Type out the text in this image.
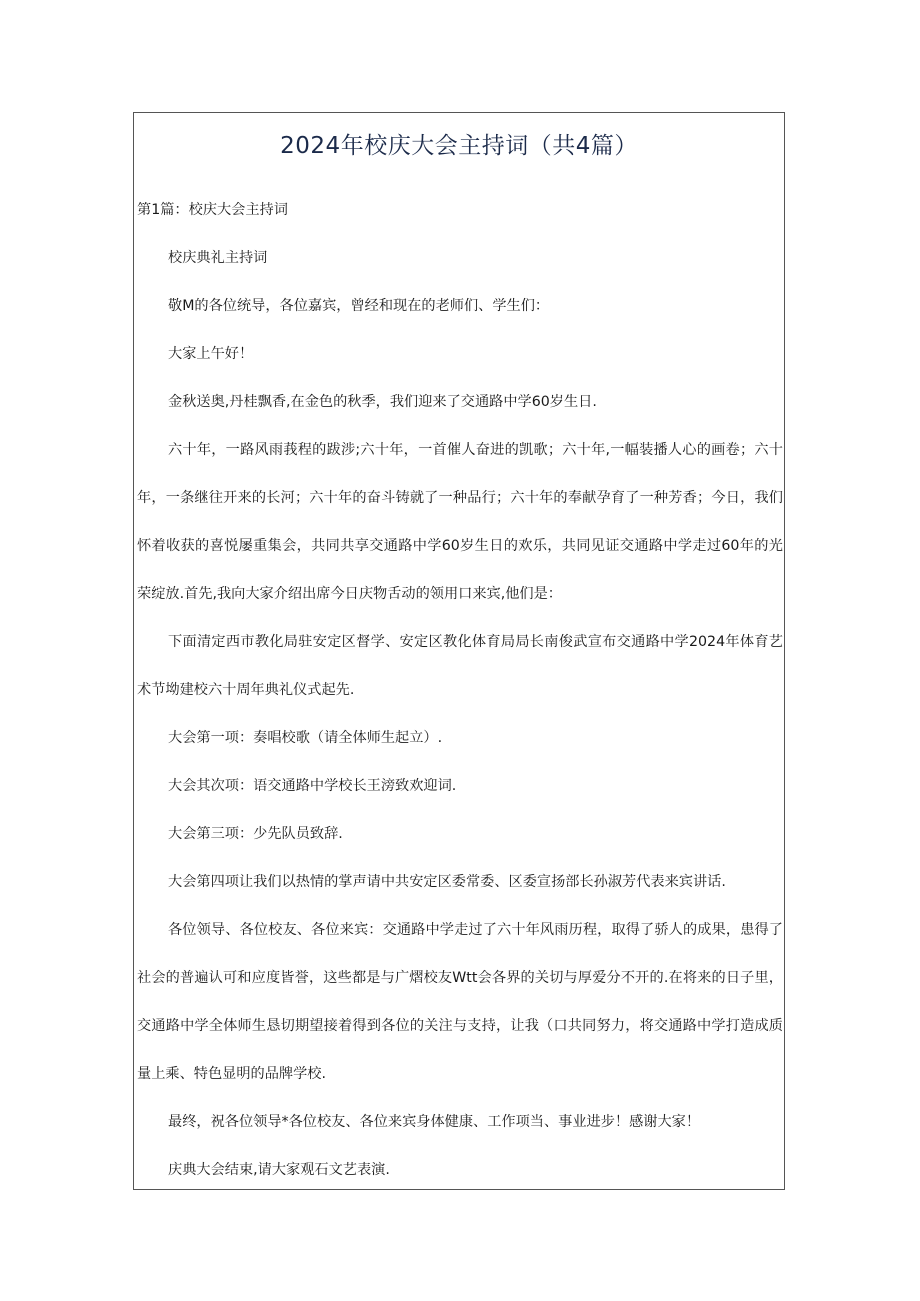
2024年校庆大会主持词（共4篇）

第1篇：校庆大会主持词

校庆典礼主持词

敬M的各位统导，各位嘉宾，曾经和现在的老师们、学生们：

大家上午好！

金秋送奥,丹桂飘香,在金色的秋季，我们迎来了交通路中学60岁生日.

六十年，一路风雨莪程的跋涉;六十年，一首催人奋进的凯歌；六十年,一幅装播人心的画卷；六十年，一条继往开来的长河；六十年的奋斗铸就了一种品行；六十年的奉献孕育了一种芳香；今日，我们怀着收获的喜悦屡重集会，共同共享交通路中学60岁生日的欢乐，共同见证交通路中学走过60年的光荣绽放.首先,我向大家介绍出席今日庆物舌动的领用口来宾,他们是：

下面清定西市教化局驻安定区督学、安定区教化体育局局长南俊武宣布交通路中学2024年体育艺术节坳建校六十周年典礼仪式起先.

大会第一项：奏唱校歌（请全体师生起立）.

大会其次项：语交通路中学校长王滂致欢迎词.

大会第三项：少先队员致辞.

大会第四项让我们以热情的掌声请中共安定区委常委、区委宣扬部长孙淑芳代表来宾讲话.

各位领导、各位校友、各位来宾：交通路中学走过了六十年风雨历程，取得了骄人的成果，患得了社会的普遍认可和应度皆誉，这些都是与广熠校友Wtt会各界的关切与厚爱分不开的.在将来的日子里，交通路中学全体师生恳切期望接着得到各位的关注与支持，让我（口共同努力，将交通路中学打造成质量上乘、特色显明的品牌学校.

最终，祝各位领导*各位校友、各位来宾身体健康、工作项当、事业进步！感谢大家！

庆典大会结束,请大家观石文艺表演.
